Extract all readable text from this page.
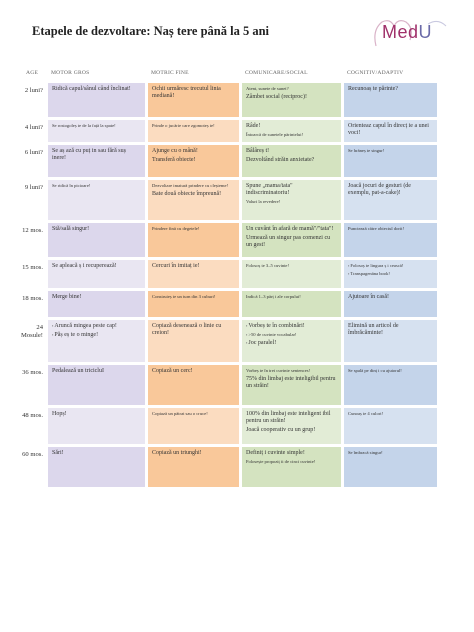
Etapele de dezvoltare: Naș tere până la 5 ani	MedU
AGE	MOTOR GROS	MOTRIC FINE	COMUNICARE/SOCIAL	COGNITIV/ADAPTIV
2 luni?	Ridică capul/sânul când înclinat!	Ochii urmăresc trecutul linia mediană!
Atent, sunete de sunet?
Zâmbet social (reciproc)!
Recunoaș te părinte?
4 luni?	Se rostogoleș te de la față la spate!	Prinde o jucărie care zgomoteș te!	Râde!
Întoarcă de sunetele părintelui!
Orienteaz capul în direcț ie a unei voci!
6 luni?	Se aș ază cu puț in sau fără suș inere!
Ajunge cu o mână!
Transferă obiecte!
Bâlâreș t!
Dezvoltând străin anxietate?
Se hrăneș te singur!
9 luni?	Se ridică în picioare!	Dezvoltare imatură prindere cu cleșteme!
Bate două obiecte împreună!
Spune „mama/tata" indiscriminatoriu!
Valuri la revedere!
Joacă jocuri de gesturi (de exemplu, pat-a-cake)!
12 mos.	Stă/sală singur!	Prindere fină cu degetele!	Un cuvânt în afară de mamă"/"tata"!
Urmează un singur pas comenzi cu un gest!
Punctează către obiectul dorit!
15 mos.	Se apleacă ș i recuperează!	Cercuri în imitaț ie!	Folosoș te 3–5 cuvinte!
▪	Folosoș te lingura ș i cească!
▪ Transpagenăna book!
18 mos.	Merge bine!	Construieș te un turn din 3 cuburi!	Indică 1–3 părț i ale corpului!	Ajutoare în casă!
24 Mosule!
▪ Aruncă mingea peste cap!
▪ Păș eș te o minge!
Copiază desenează o linie cu creion!
▪ Vorbeș te în combinări!
▪ >50 de cuvinte vocabular!
▪ Joc paralel!
Elimină un articol de îmbrăcăminte!
36 mos.	Pedalează un tricicluI	Copiază un cerc!	Vorbeș te în trei cuvinte sentences!
75% din limbaj este inteligibil pentru un străin!
Se spală pe dinț i cu ajutorul!
48 mos.	Hopș!	Copiază un pătrat sau o cruce!	100% din limbaj este inteligent ibil pentru un străin!
Joacă cooperativ cu un grup!
Cunoaș te 4 culori!
60 mos.	Sări!	Copiază un triunghi!	Definiț i cuvinte simple!
Folosește propoziț ii de cinci cuvinte!
Se îmbracă singur!
